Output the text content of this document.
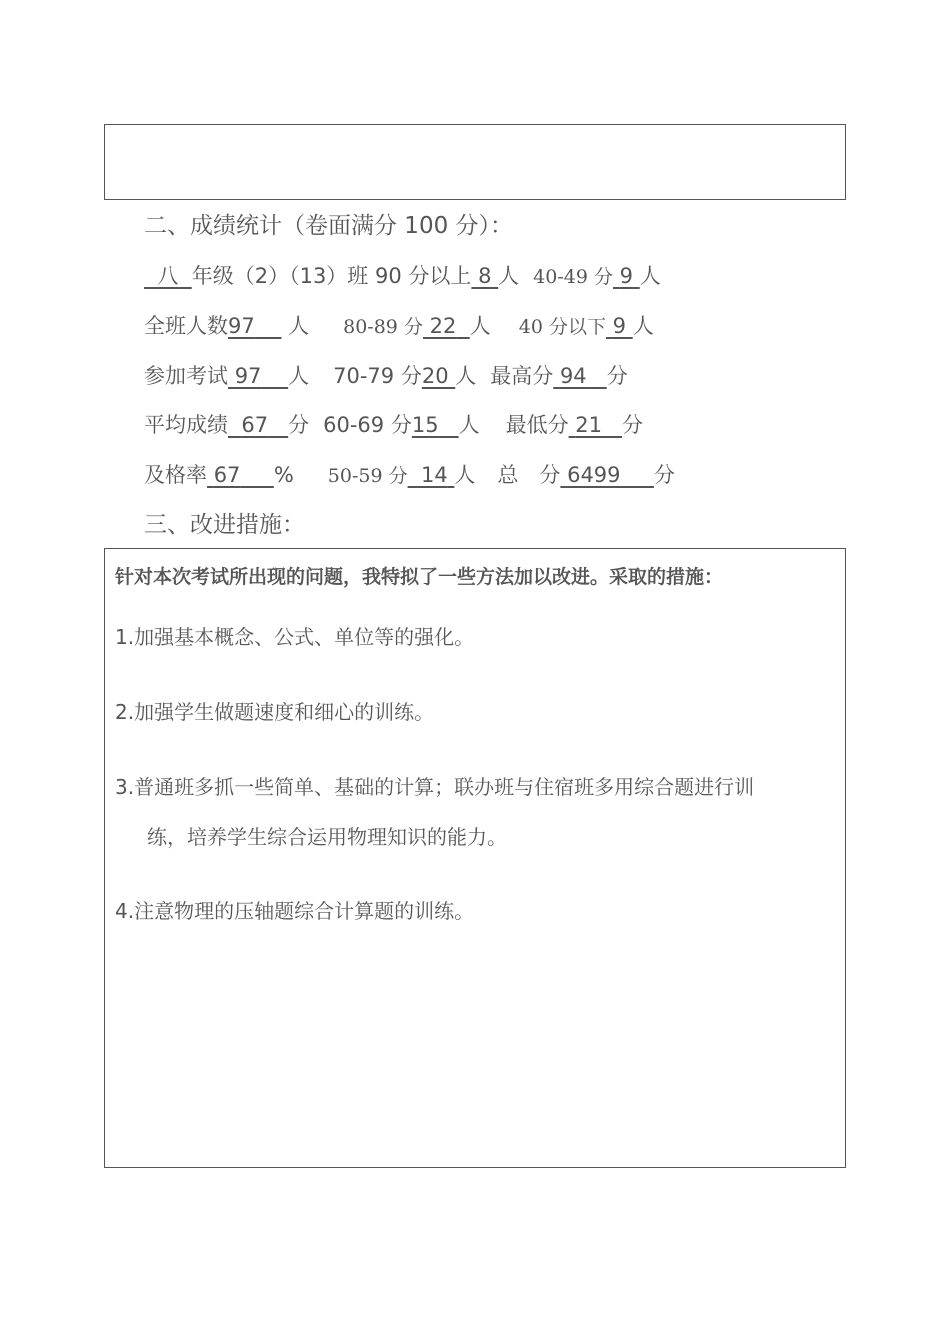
二、成绩统计（卷面满分 100 分）：
八 年级（2）（13）班 90 分以上 8 人 40-49 分 9 人
全班人数97 人 80-89 分 22 人 40 分以下 9 人
参加考试 97 人 70-79 分20 人 最高分 94 分
平均成绩 67 分 60-69 分15 人 最低分 21 分
及格率 67 % 50-59 分 14 人 总　分 6499 分
三、改进措施：
针对本次考试所出现的问题，我特拟了一些方法加以改进。采取的措施：
1.加强基本概念、公式、单位等的强化。
2.加强学生做题速度和细心的训练。
3.普通班多抓一些简单、基础的计算；联办班与住宿班多用综合题进行训
练，培养学生综合运用物理知识的能力。
4.注意物理的压轴题综合计算题的训练。
